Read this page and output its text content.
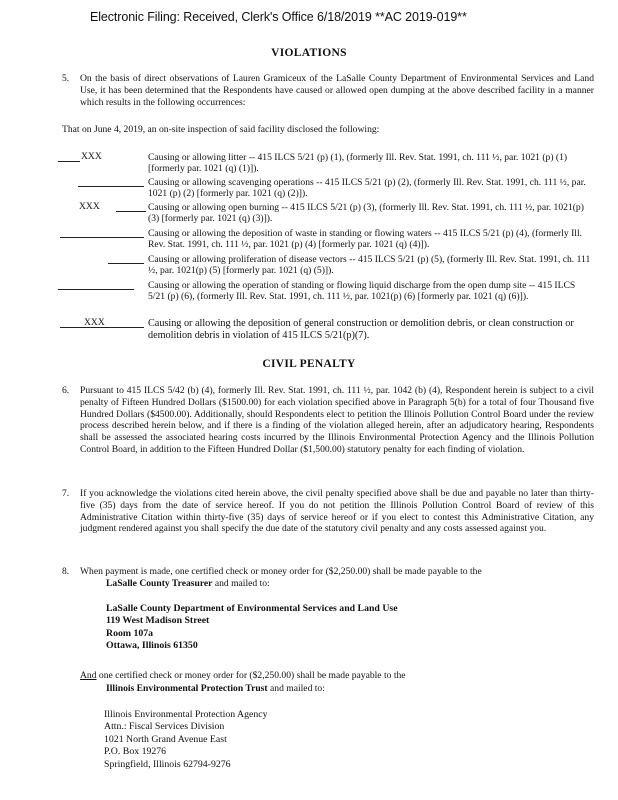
Electronic Filing: Received, Clerk's Office 6/18/2019 **AC 2019-019**
VIOLATIONS
5. On the basis of direct observations of Lauren Gramiceux of the LaSalle County Department of Environmental Services and Land Use, it has been determined that the Respondents have caused or allowed open dumping at the above described facility in a manner which results in the following occurrences:
That on June 4, 2019, an on-site inspection of said facility disclosed the following:
XXX	Causing or allowing litter -- 415 ILCS 5/21 (p) (1), (formerly Ill. Rev. Stat. 1991, ch. 111 ½, par. 1021 (p) (1) [formerly par. 1021 (q) (1)]).
Causing or allowing scavenging operations -- 415 ILCS 5/21 (p) (2), (formerly Ill. Rev. Stat. 1991, ch. 111 ½, par. 1021 (p) (2) [formerly par. 1021 (q) (2)]).
XXX	Causing or allowing open burning -- 415 ILCS 5/21 (p) (3), (formerly Ill. Rev. Stat. 1991, ch. 111 ½, par. 1021(p) (3) [formerly par. 1021 (q) (3)]).
Causing or allowing the deposition of waste in standing or flowing waters -- 415 ILCS 5/21 (p) (4), (formerly Ill. Rev. Stat. 1991, ch. 111 ½, par. 1021 (p) (4) [formerly par. 1021 (q) (4)]).
Causing or allowing proliferation of disease vectors -- 415 ILCS 5/21 (p) (5), (formerly Ill. Rev. Stat. 1991, ch. 111 ½, par. 1021(p) (5) [formerly par. 1021 (q) (5)]).
Causing or allowing the operation of standing or flowing liquid discharge from the open dump site -- 415 ILCS 5/21 (p) (6), (formerly Ill. Rev. Stat. 1991, ch. 111 ½, par. 1021(p) (6) [formerly par. 1021 (q) (6)]).
XXX	Causing or allowing the deposition of general construction or demolition debris, or clean construction or demolition debris in violation of 415 ILCS 5/21(p)(7).
CIVIL PENALTY
6. Pursuant to 415 ILCS 5/42 (b) (4), formerly Ill. Rev. Stat. 1991, ch. 111 ½, par. 1042 (b) (4), Respondent herein is subject to a civil penalty of Fifteen Hundred Dollars ($1500.00) for each violation specified above in Paragraph 5(b) for a total of four Thousand five Hundred Dollars ($4500.00). Additionally, should Respondents elect to petition the Illinois Pollution Control Board under the review process described herein below, and if there is a finding of the violation alleged herein, after an adjudicatory hearing, Respondents shall be assessed the associated hearing costs incurred by the Illinois Environmental Protection Agency and the Illinois Pollution Control Board, in addition to the Fifteen Hundred Dollar ($1,500.00) statutory penalty for each finding of violation.
7. If you acknowledge the violations cited herein above, the civil penalty specified above shall be due and payable no later than thirty-five (35) days from the date of service hereof. If you do not petition the Illinois Pollution Control Board of review of this Administrative Citation within thirty-five (35) days of service hereof or if you elect to contest this Administrative Citation, any judgment rendered against you shall specify the due date of the statutory civil penalty and any costs assessed against you.
8. When payment is made, one certified check or money order for ($2,250.00) shall be made payable to the
LaSalle County Treasurer and mailed to:
LaSalle County Department of Environmental Services and Land Use
119 West Madison Street
Room 107a
Ottawa, Illinois 61350
And one certified check or money order for ($2,250.00) shall be made payable to the
Illinois Environmental Protection Trust and mailed to:
Illinois Environmental Protection Agency
Attn.: Fiscal Services Division
1021 North Grand Avenue East
P.O. Box 19276
Springfield, Illinois 62794-9276
